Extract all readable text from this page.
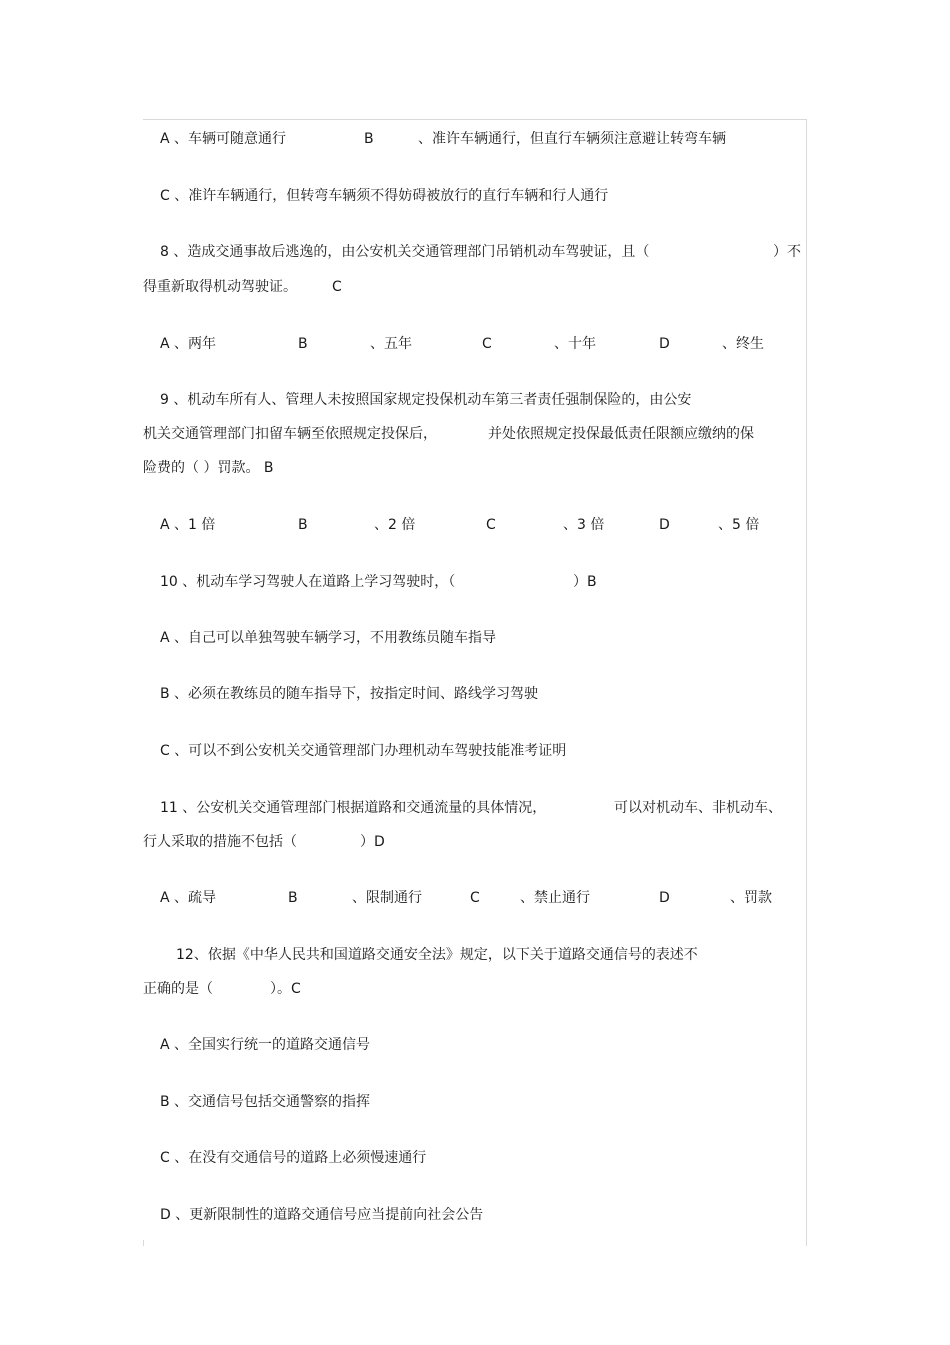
A 、车辆可随意通行	B	、准许车辆通行，但直行车辆须注意避让转弯车辆
C 、准许车辆通行，但转弯车辆须不得妨碍被放行的直行车辆和行人通行
8 、造成交通事故后逃逸的，由公安机关交通管理部门吊销机动车驾驶证，且（	）不
得重新取得机动驾驶证。	C
A 、两年	B	、五年	C	、十年	D	、终生
9 、机动车所有人、管理人未按照国家规定投保机动车第三者责任强制保险的，由公安
机关交通管理部门扣留车辆至依照规定投保后，	并处依照规定投保最低责任限额应缴纳的保
险费的（ ）罚款。 B
A 、1 倍	B	、2 倍	C	、3 倍	D	、5 倍
10 、机动车学习驾驶人在道路上学习驾驶时，（	）B
A 、自己可以单独驾驶车辆学习，不用教练员随车指导
B 、必须在教练员的随车指导下，按指定时间、路线学习驾驶
C 、可以不到公安机关交通管理部门办理机动车驾驶技能准考证明
11 、公安机关交通管理部门根据道路和交通流量的具体情况，	可以对机动车、非机动车、
行人采取的措施不包括（	）D
A 、疏导	B	、限制通行	C	、禁止通行	D	、罚款
12、依据《中华人民共和国道路交通安全法》规定，以下关于道路交通信号的表述不
正确的是（	）。C
A 、全国实行统一的道路交通信号
B 、交通信号包括交通警察的指挥
C 、在没有交通信号的道路上必须慢速通行
D 、更新限制性的道路交通信号应当提前向社会公告
